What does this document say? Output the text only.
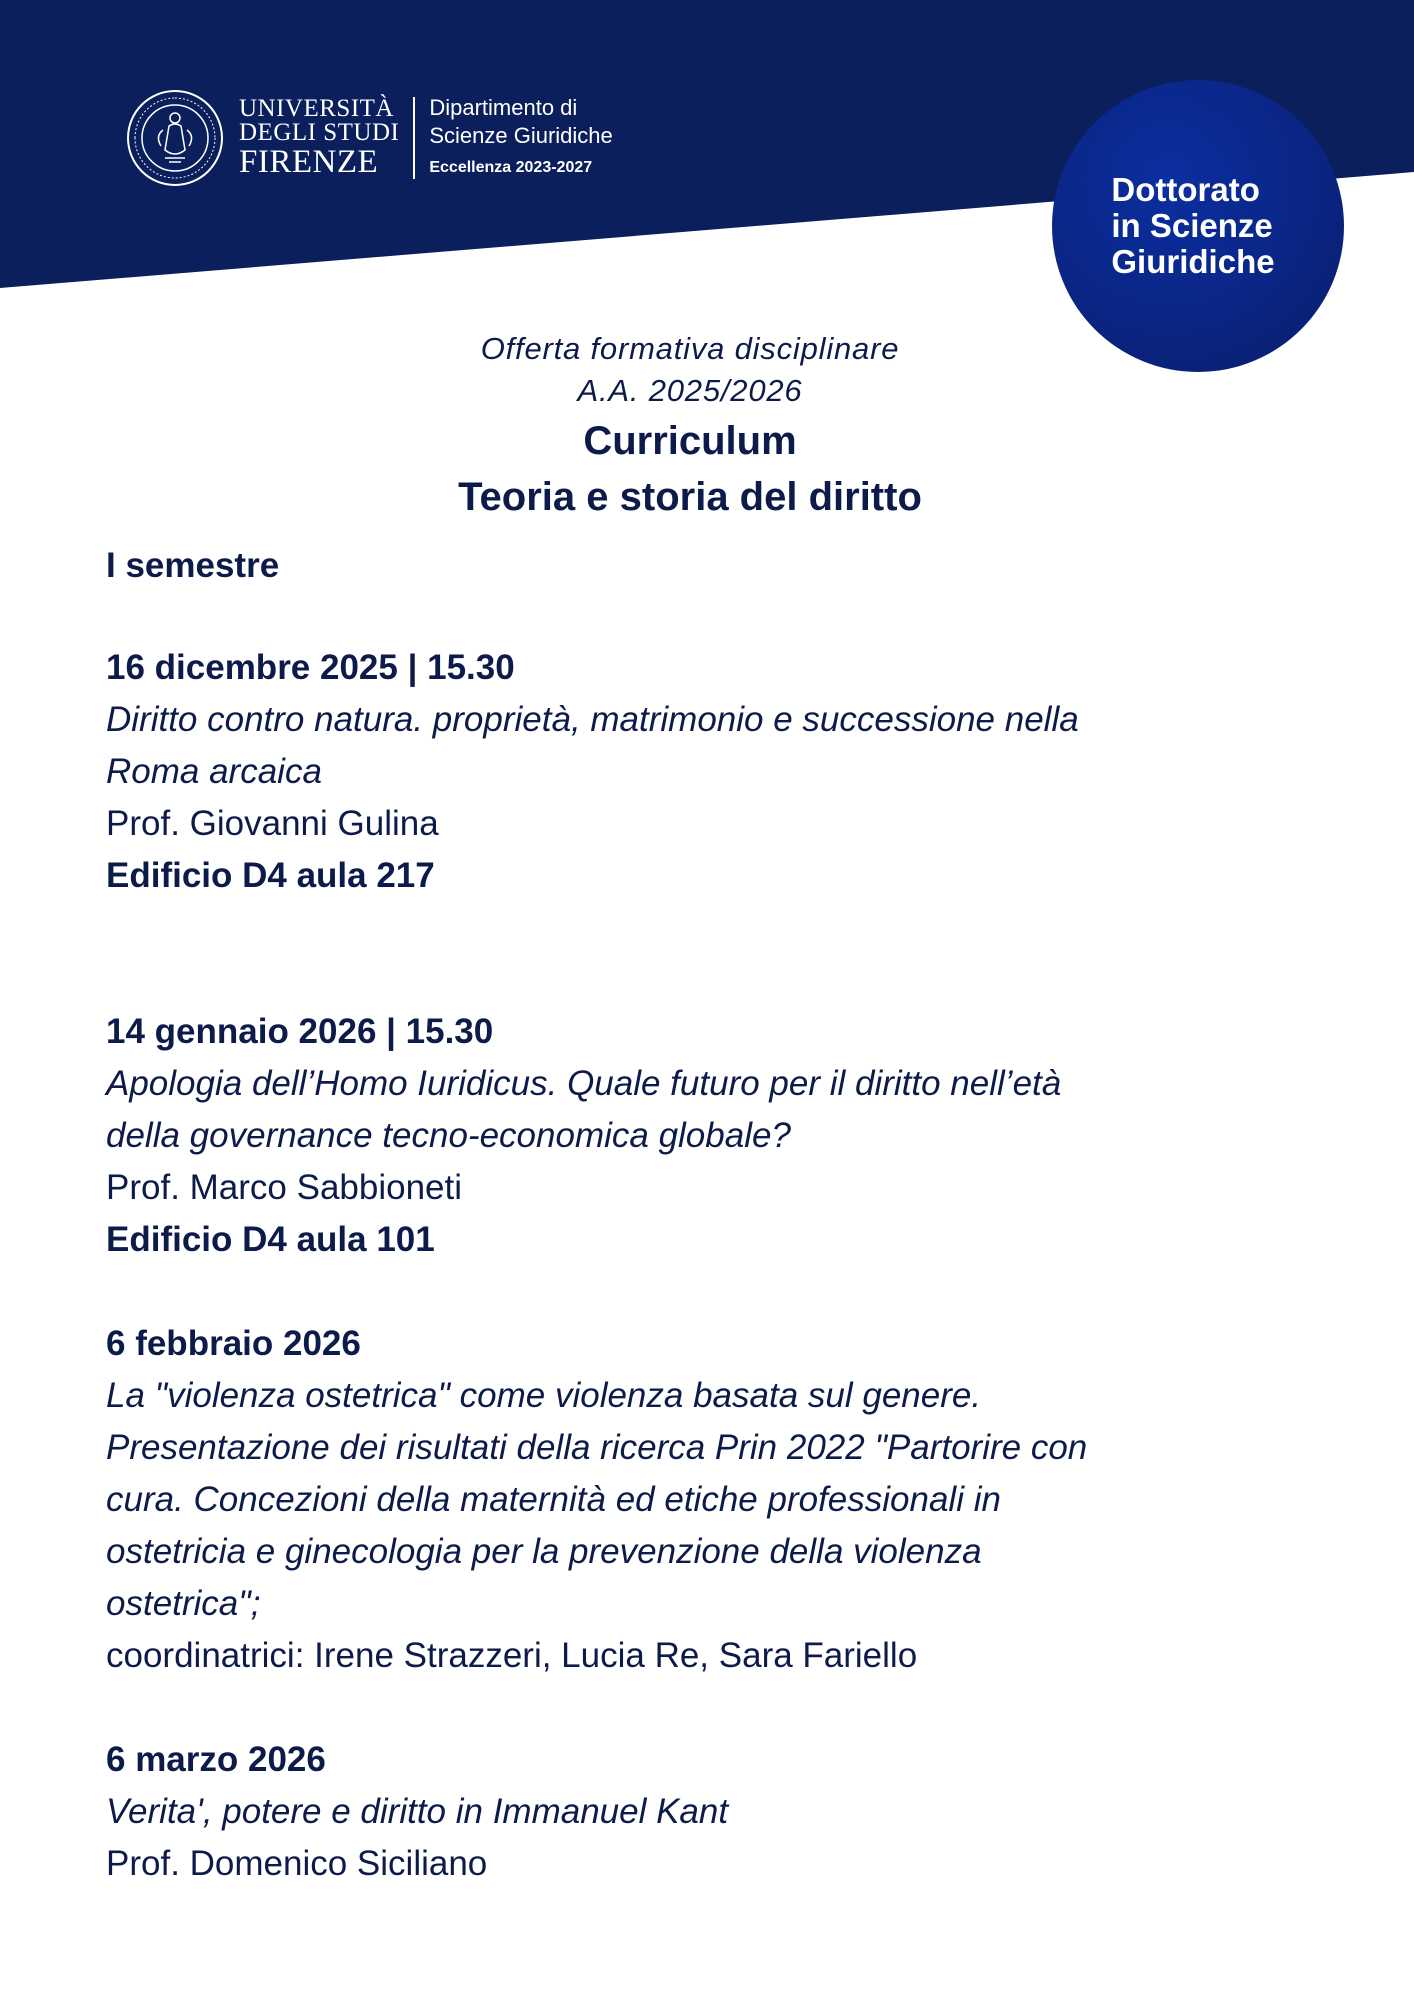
UNIVERSITÀ
DEGLI STUDI
FIRENZE
Dipartimento di
Scienze Giuridiche
Eccellenza 2023-2027
Dottorato
in Scienze
Giuridiche
Offerta formativa disciplinare
A.A. 2025/2026
Curriculum
Teoria e storia del diritto
I semestre
16 dicembre 2025 | 15.30
Diritto contro natura. proprietà, matrimonio e successione nella
Roma arcaica
Prof. Giovanni Gulina
Edificio D4 aula 217
14 gennaio 2026 | 15.30
Apologia dell’Homo Iuridicus. Quale futuro per il diritto nell’età
della governance tecno-economica globale?
Prof. Marco Sabbioneti
Edificio D4 aula 101
6 febbraio 2026
La "violenza ostetrica" come violenza basata sul genere.
Presentazione dei risultati della ricerca Prin 2022 "Partorire con
cura. Concezioni della maternità ed etiche professionali in
ostetricia e ginecologia per la prevenzione della violenza
ostetrica";
coordinatrici: Irene Strazzeri, Lucia Re, Sara Fariello
6 marzo 2026
Verita', potere e diritto in Immanuel Kant
Prof. Domenico Siciliano
